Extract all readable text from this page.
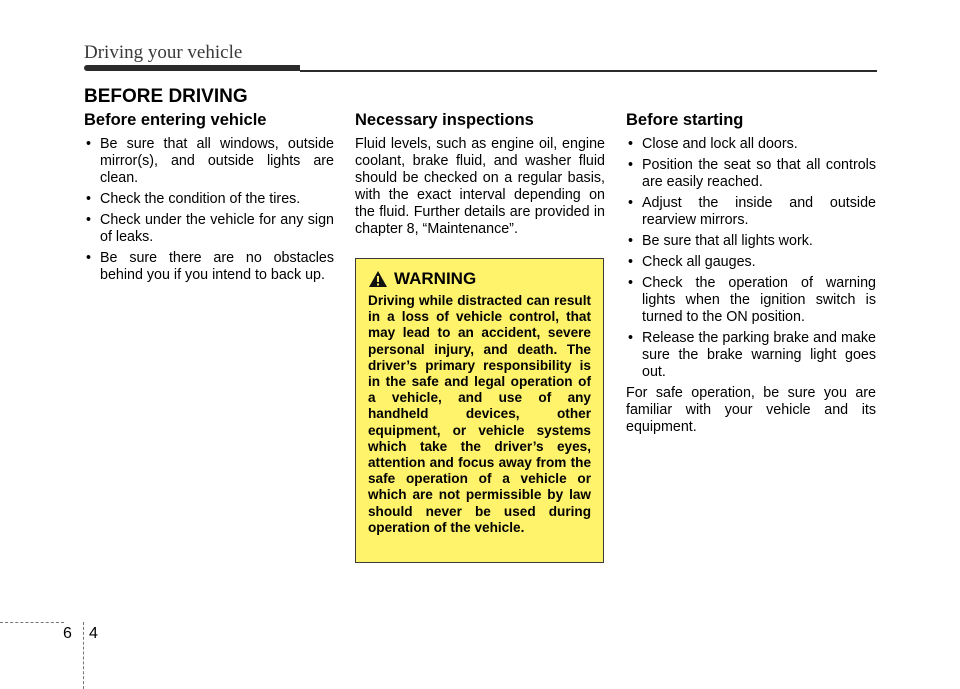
Driving your vehicle
BEFORE DRIVING
Before entering vehicle
• Be sure that all windows, outside mirror(s), and outside lights are clean.
• Check the condition of the tires.
• Check under the vehicle for any sign of leaks.
• Be sure there are no obstacles behind you if you intend to back up.
Necessary inspections

Fluid levels, such as engine oil, engine coolant, brake fluid, and washer fluid should be checked on a regular basis, with the exact interval depending on the fluid. Further details are provided in chapter 8, “Maintenance”.

WARNING

Driving while distracted can result in a loss of vehicle control, that may lead to an accident, severe personal injury, and death. The driver’s primary responsibility is in the safe and legal operation of a vehicle, and use of any handheld devices, other equipment, or vehicle systems which take the driver’s eyes, attention and focus away from the safe operation of a vehicle or which are not permissible by law should never be used during operation of the vehicle.

Before starting
• Close and lock all doors.
• Position the seat so that all controls are easily reached.
• Adjust the inside and outside rearview mirrors.
• Be sure that all lights work.
• Check all gauges.
• Check the operation of warning lights when the ignition switch is turned to the ON position.
• Release the parking brake and make sure the brake warning light goes out.

For safe operation, be sure you are familiar with your vehicle and its equipment.

6 4
